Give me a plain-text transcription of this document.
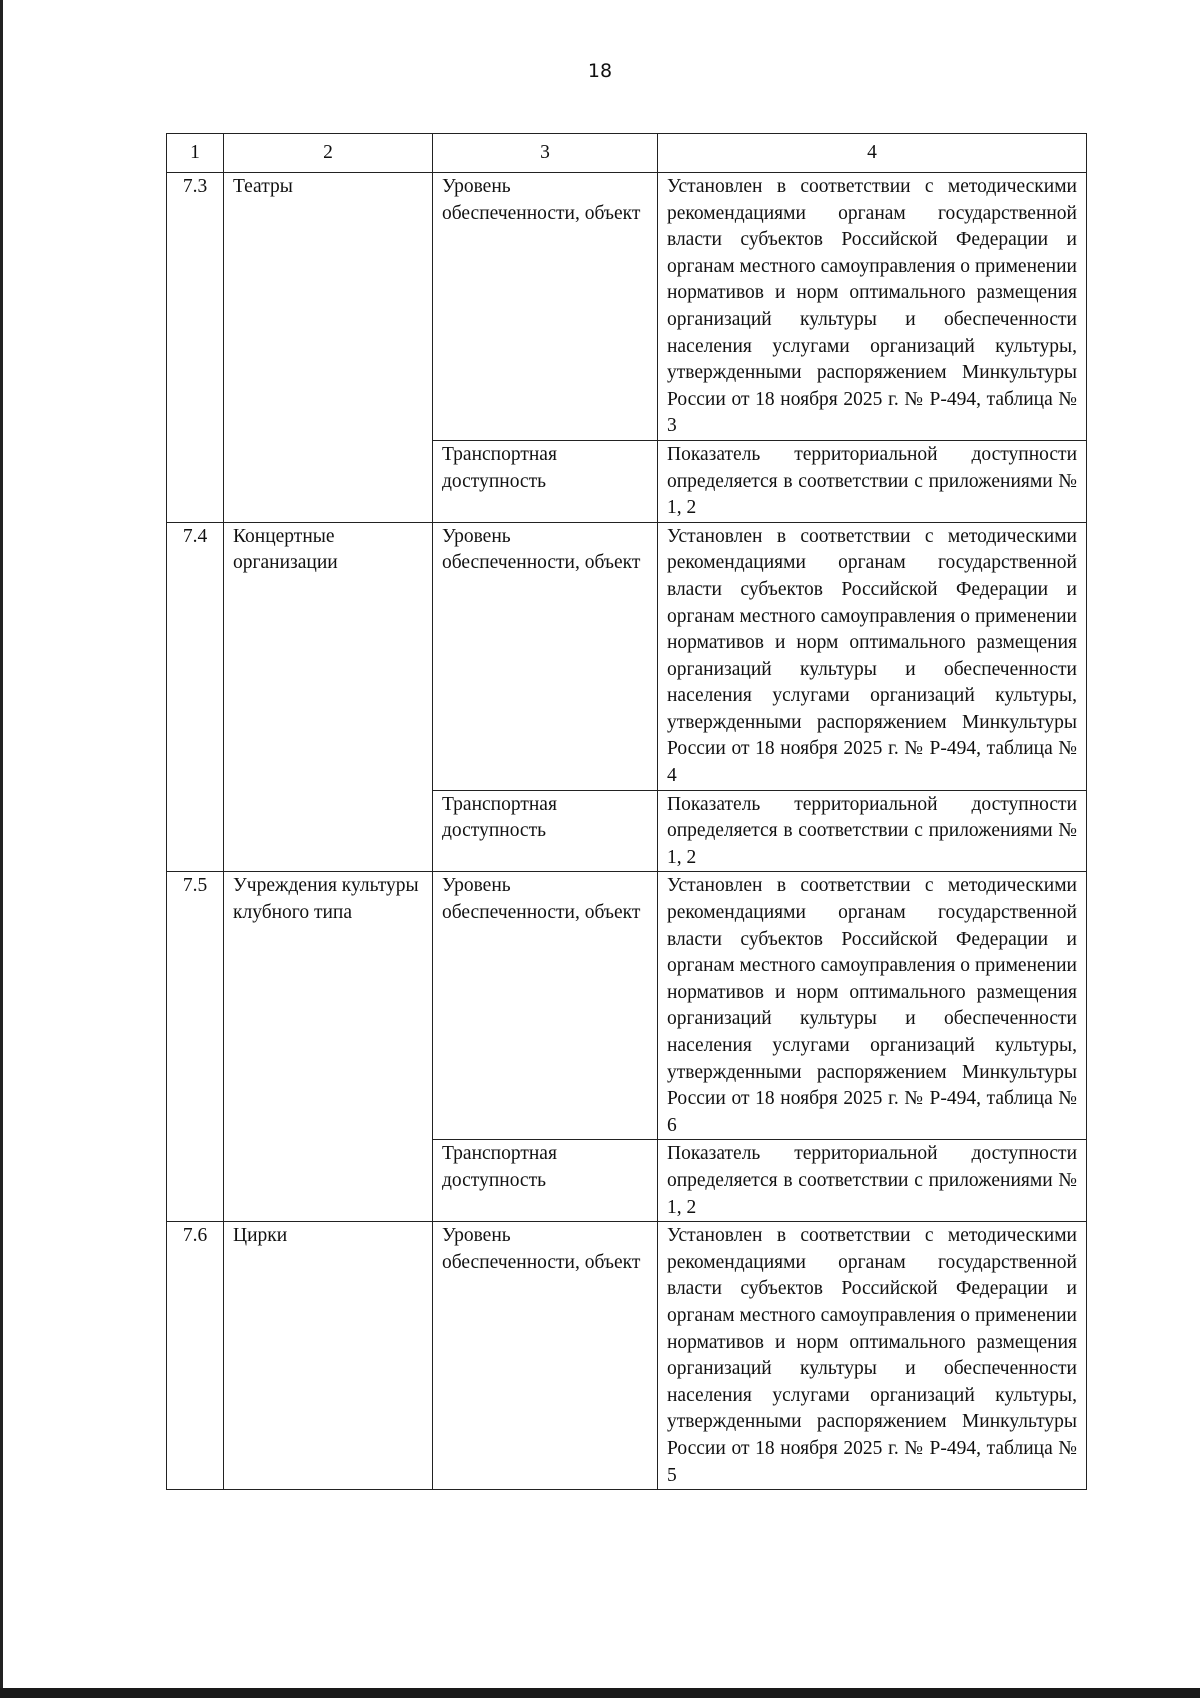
18
1	2	3	4
7.3	Театры	Уровень обеспеченности, объект	Установлен в соответствии с методическими рекомендациями органам государственной власти субъектов Российской Федерации и органам местного самоуправления о применении нормативов и норм оптимального размещения организаций культуры и обеспеченности населения услугами организаций культуры, утвержденными распоряжением Минкультуры России от 18 ноября 2025 г. № Р-494, таблица № 3
		Транспортная доступность	Показатель территориальной доступности определяется в соответствии с приложениями № 1, 2
7.4	Концертные организации	Уровень обеспеченности, объект	Установлен в соответствии с методическими рекомендациями органам государственной власти субъектов Российской Федерации и органам местного самоуправления о применении нормативов и норм оптимального размещения организаций культуры и обеспеченности населения услугами организаций культуры, утвержденными распоряжением Минкультуры России от 18 ноября 2025 г. № Р-494, таблица № 4
		Транспортная доступность	Показатель территориальной доступности определяется в соответствии с приложениями № 1, 2
7.5	Учреждения культуры клубного типа	Уровень обеспеченности, объект	Установлен в соответствии с методическими рекомендациями органам государственной власти субъектов Российской Федерации и органам местного самоуправления о применении нормативов и норм оптимального размещения организаций культуры и обеспеченности населения услугами организаций культуры, утвержденными распоряжением Минкультуры России от 18 ноября 2025 г. № Р-494, таблица № 6
		Транспортная доступность	Показатель территориальной доступности определяется в соответствии с приложениями № 1, 2
7.6	Цирки	Уровень обеспеченности, объект	Установлен в соответствии с методическими рекомендациями органам государственной власти субъектов Российской Федерации и органам местного самоуправления о применении нормативов и норм оптимального размещения организаций культуры и обеспеченности населения услугами организаций культуры, утвержденными распоряжением Минкультуры России от 18 ноября 2025 г. № Р-494, таблица № 5
